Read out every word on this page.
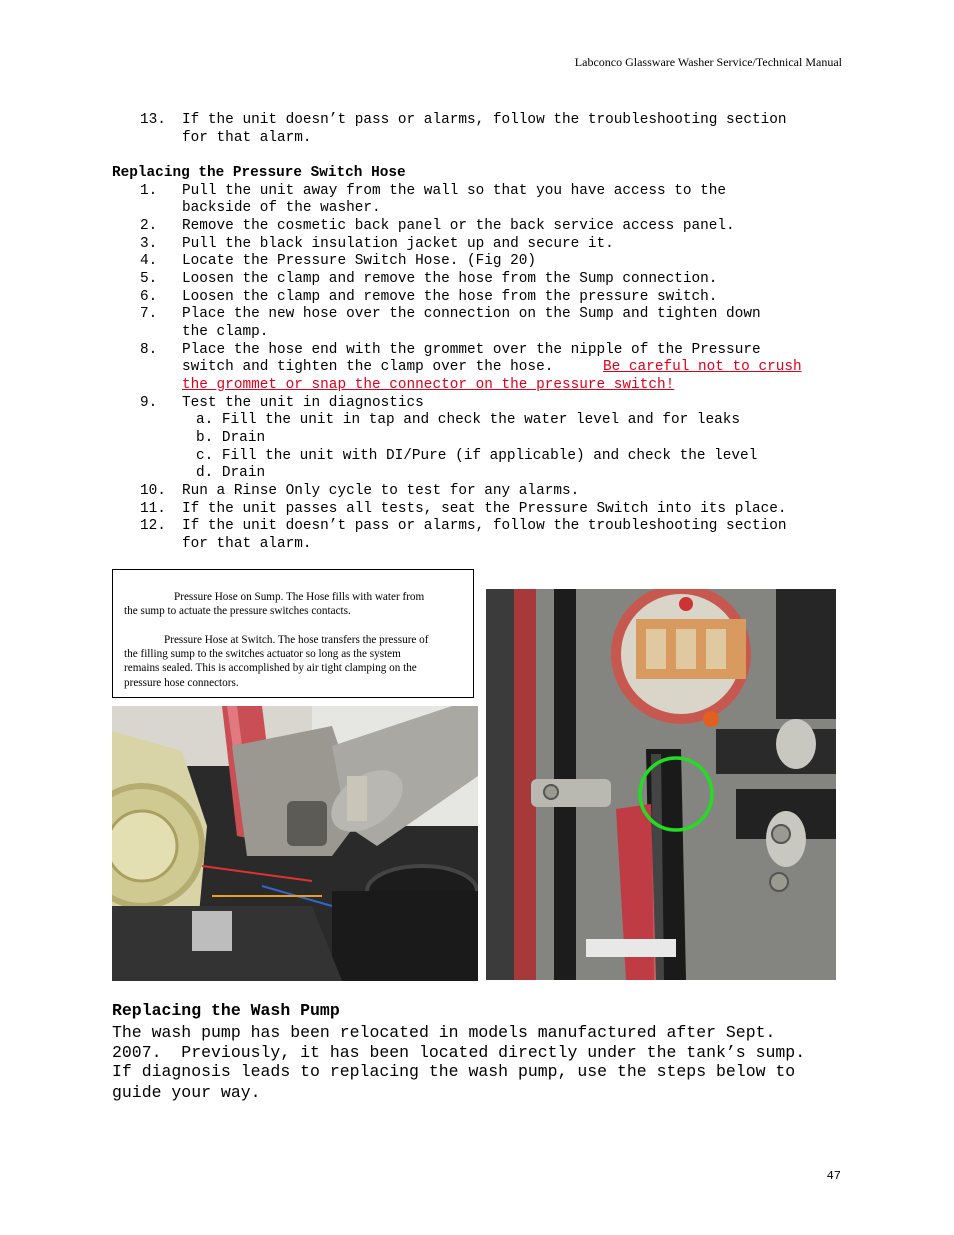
Labconco Glassware Washer Service/Technical Manual
13. If the unit doesn’t pass or alarms, follow the troubleshooting section
for that alarm.
Replacing the Pressure Switch Hose
1. Pull the unit away from the wall so that you have access to the
backside of the washer.
2. Remove the cosmetic back panel or the back service access panel.
3. Pull the black insulation jacket up and secure it.
4. Locate the Pressure Switch Hose. (Fig 20)
5. Loosen the clamp and remove the hose from the Sump connection.
6. Loosen the clamp and remove the hose from the pressure switch.
7. Place the new hose over the connection on the Sump and tighten down
the clamp.
8. Place the hose end with the grommet over the nipple of the Pressure
switch and tighten the clamp over the hose.	Be careful not to crush
the grommet or snap the connector on the pressure switch!
9. Test the unit in diagnostics
a. Fill the unit in tap and check the water level and for leaks
b. Drain
c. Fill the unit with DI/Pure (if applicable) and check the level
d. Drain
10. Run a Rinse Only cycle to test for any alarms.
11. If the unit passes all tests, seat the Pressure Switch into its place.
12. If the unit doesn’t pass or alarms, follow the troubleshooting section
for that alarm.
Pressure Hose on Sump. The Hose fills with water from
the sump to actuate the pressure switches contacts.
Pressure Hose at Switch. The hose transfers the pressure of
the filling sump to the switches actuator so long as the system
remains sealed. This is accomplished by air tight clamping on the
pressure hose connectors.
Replacing the Wash Pump
The wash pump has been relocated in models manufactured after Sept.
2007.  Previously, it has been located directly under the tank’s sump.
If diagnosis leads to replacing the wash pump, use the steps below to
guide your way.
47
